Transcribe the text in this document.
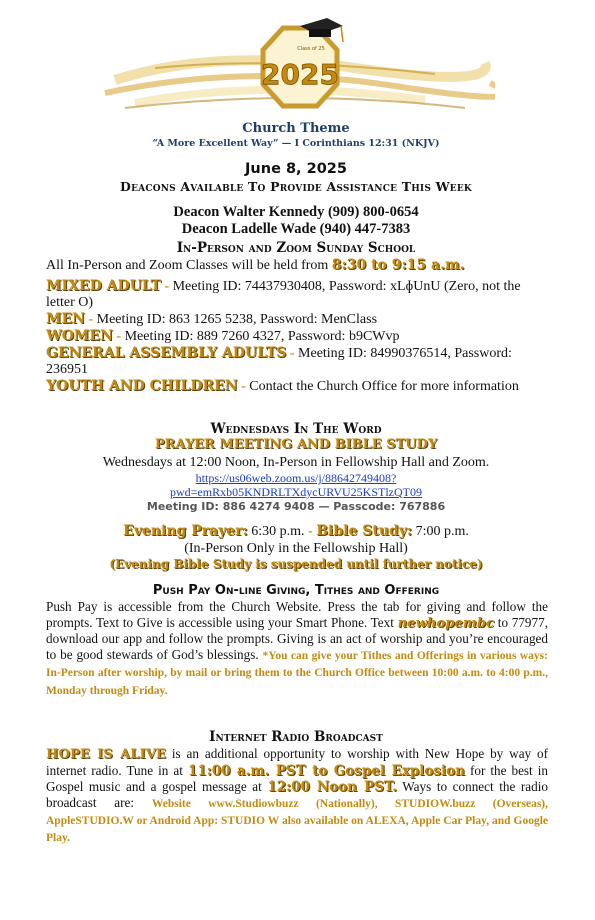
2025
Class of 25
Church Theme
“A More Excellent Way” — I Corinthians 12:31 (NKJV)
June 8, 2025
Deacons Available To Provide Assistance This Week
Deacon Walter Kennedy (909) 800-0654
Deacon Ladelle Wade (940) 447-7383
In-Person and Zoom Sunday School
All In-Person and Zoom Classes will be held from 8:30 to 9:15 a.m.
MIXED ADULT - Meeting ID: 74437930408, Password: xLɸUnU (Zero, not the letter O)
MEN - Meeting ID: 863 1265 5238, Password: MenClass
WOMEN - Meeting ID: 889 7260 4327, Password: b9CWvp
GENERAL ASSEMBLY ADULTS - Meeting ID: 84990376514, Password: 236951
YOUTH AND CHILDREN - Contact the Church Office for more information
Wednesdays In The Word
PRAYER MEETING AND BIBLE STUDY
Wednesdays at 12:00 Noon, In-Person in Fellowship Hall and Zoom.
https://us06web.zoom.us/j/88642749408?
pwd=emRxb05KNDRLTXdycURVU25KSTlzQT09
Meeting ID: 886 4274 9408 — Passcode: 767886
Evening Prayer: 6:30 p.m. - Bible Study: 7:00 p.m.
(In-Person Only in the Fellowship Hall)
(Evening Bible Study is suspended until further notice)
Push Pay On-line Giving, Tithes and Offering
Push Pay is accessible from the Church Website. Press the tab for giving and follow the prompts. Text to Give is accessible using your Smart Phone. Text newhopembc to 77977, download our app and follow the prompts. Giving is an act of worship and you’re encouraged to be good stewards of God’s blessings. *You can give your Tithes and Offerings in various ways: In-Person after worship, by mail or bring them to the Church Office between 10:00 a.m. to 4:00 p.m., Monday through Friday.
Internet Radio Broadcast
HOPE IS ALIVE is an additional opportunity to worship with New Hope by way of internet radio. Tune in at 11:00 a.m. PST to Gospel Explosion for the best in Gospel music and a gospel message at 12:00 Noon PST. Ways to connect the radio broadcast are: Website www.Studiowbuzz (Nationally), STUDIOW.buzz (Overseas), AppleSTUDIO.W or Android App: STUDIO W also available on ALEXA, Apple Car Play, and Google Play.
